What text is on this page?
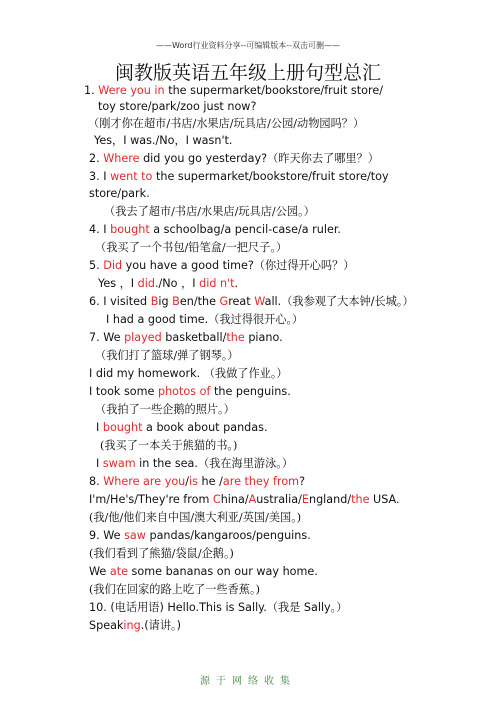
——Word行业资料分享--可编辑版本--双击可删——
闽教版英语五年级上册句型总汇
1. Were you in the supermarket/bookstore/fruit store/
toy store/park/zoo just now?
（刚才你在超市/书店/水果店/玩具店/公园/动物园吗？）
Yes，I was./No，I wasn't.
2. Where did you go yesterday?（昨天你去了哪里？）
3. I went to the supermarket/bookstore/fruit store/toy
store/park.
（我去了超市/书店/水果店/玩具店/公园。）
4. I bought a schoolbag/a pencil-case/a ruler.
（我买了一个书包/铅笔盒/一把尺子。）
5. Did you have a good time?（你过得开心吗？）
Yes ，I did./No ，I did n't.
6. I visited Big Ben/the Great Wall.（我参观了大本钟/长城。）
I had a good time.（我过得很开心。）
7. We played basketball/the piano.
（我们打了篮球/弹了钢琴。）
I did my homework. （我做了作业。）
I took some photos of the penguins.
（我拍了一些企鹅的照片。）
I bought a book about pandas.
(我买了一本关于熊猫的书。)
I swam in the sea.（我在海里游泳。）
8. Where are you/is he /are they from?
I'm/He's/They're from China/Australia/England/the USA.
(我/他/他们来自中国/澳大利亚/英国/美国。)
9. We saw pandas/kangaroos/penguins.
(我们看到了熊猫/袋鼠/企鹅。)
We ate some bananas on our way home.
(我们在回家的路上吃了一些香蕉。)
10. (电话用语) Hello.This is Sally.（我是 Sally。）
Speaking.(请讲。)
源于网络收集
